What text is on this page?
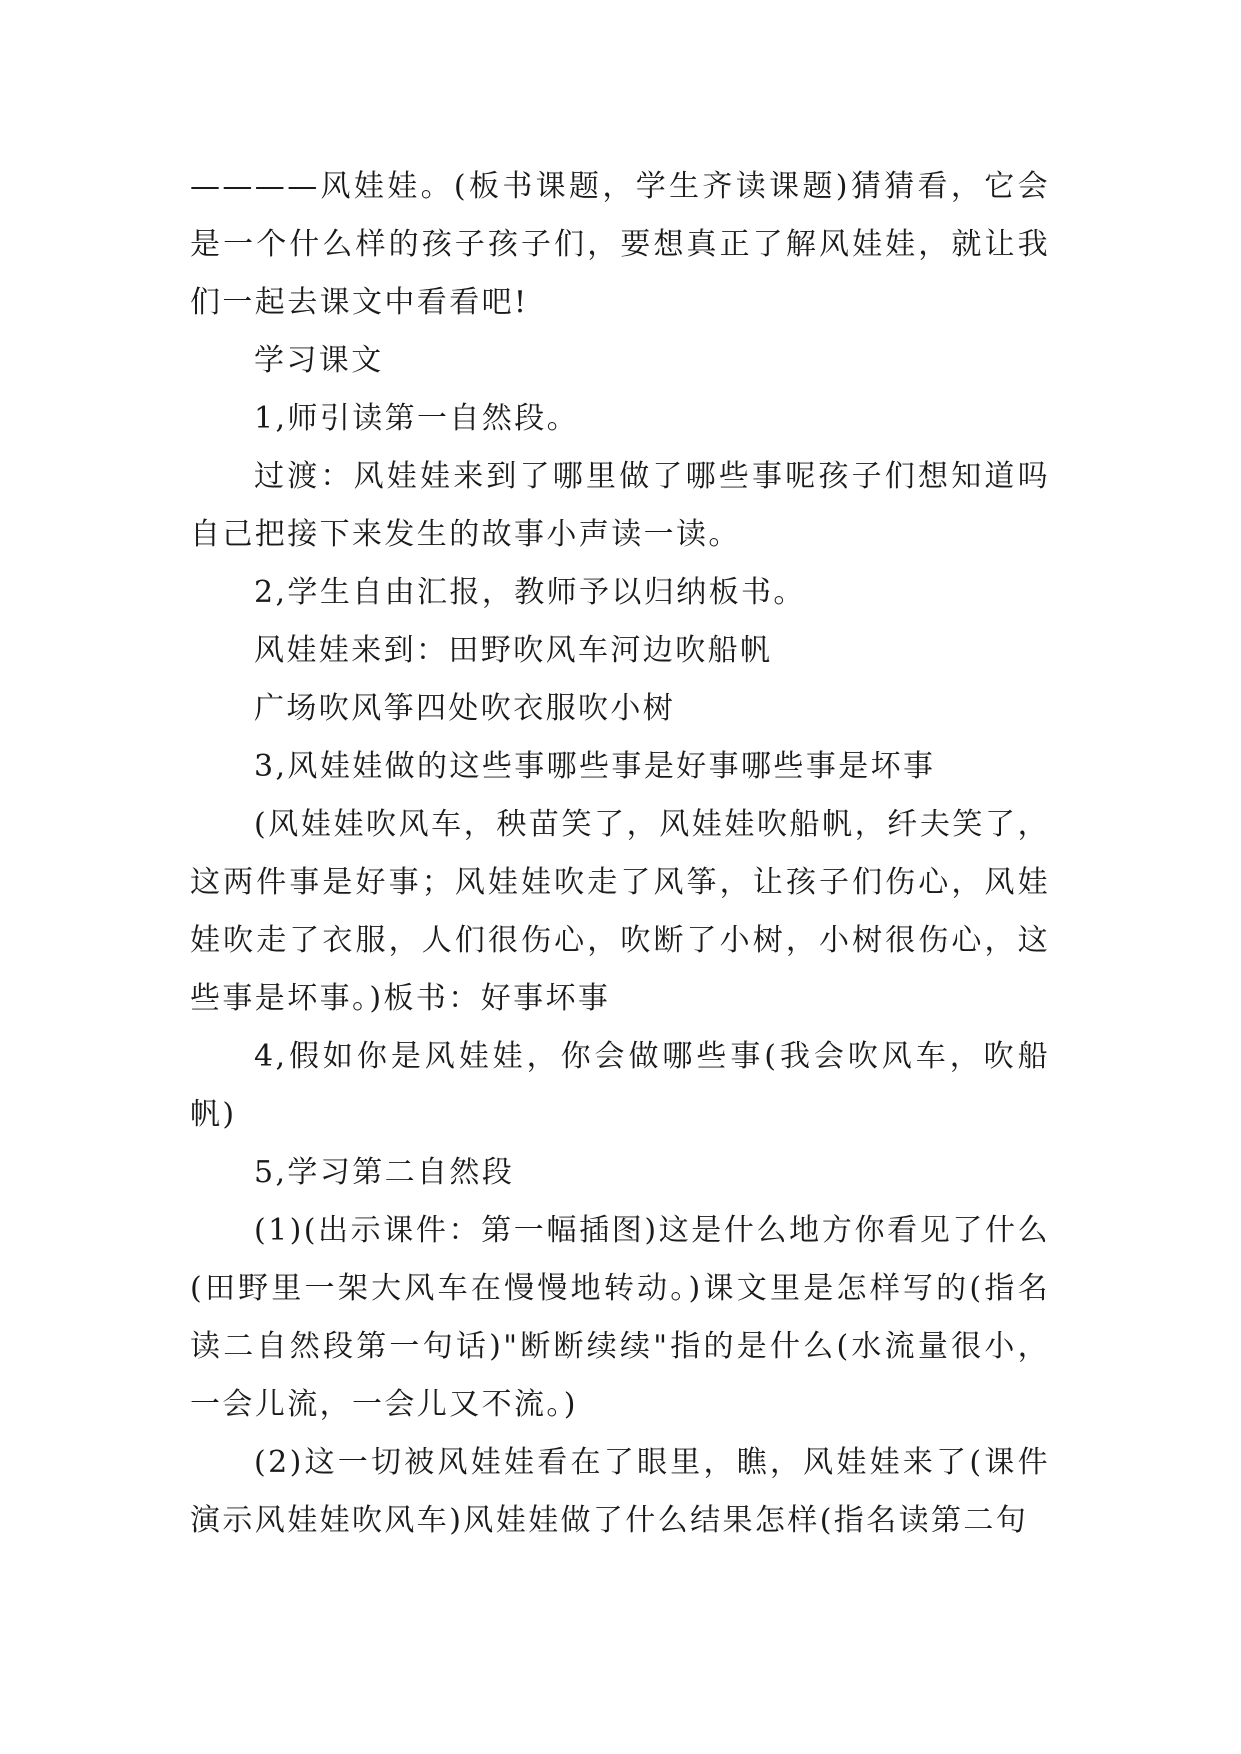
————风娃娃。(板书课题，学生齐读课题)猜猜看，它会是一个什么样的孩子孩子们，要想真正了解风娃娃，就让我们一起去课文中看看吧!

学习课文

1,师引读第一自然段。

过渡：风娃娃来到了哪里做了哪些事呢孩子们想知道吗自己把接下来发生的故事小声读一读。

2,学生自由汇报，教师予以归纳板书。

风娃娃来到：田野吹风车河边吹船帆

广场吹风筝四处吹衣服吹小树

3,风娃娃做的这些事哪些事是好事哪些事是坏事

(风娃娃吹风车，秧苗笑了，风娃娃吹船帆，纤夫笑了，这两件事是好事；风娃娃吹走了风筝，让孩子们伤心，风娃娃吹走了衣服，人们很伤心，吹断了小树，小树很伤心，这些事是坏事。)板书：好事坏事

4,假如你是风娃娃，你会做哪些事(我会吹风车，吹船帆)

5,学习第二自然段

(1)(出示课件：第一幅插图)这是什么地方你看见了什么(田野里一架大风车在慢慢地转动。)课文里是怎样写的(指名读二自然段第一句话)"断断续续"指的是什么(水流量很小，一会儿流，一会儿又不流。)

(2)这一切被风娃娃看在了眼里，瞧，风娃娃来了(课件演示风娃娃吹风车)风娃娃做了什么结果怎样(指名读第二句
